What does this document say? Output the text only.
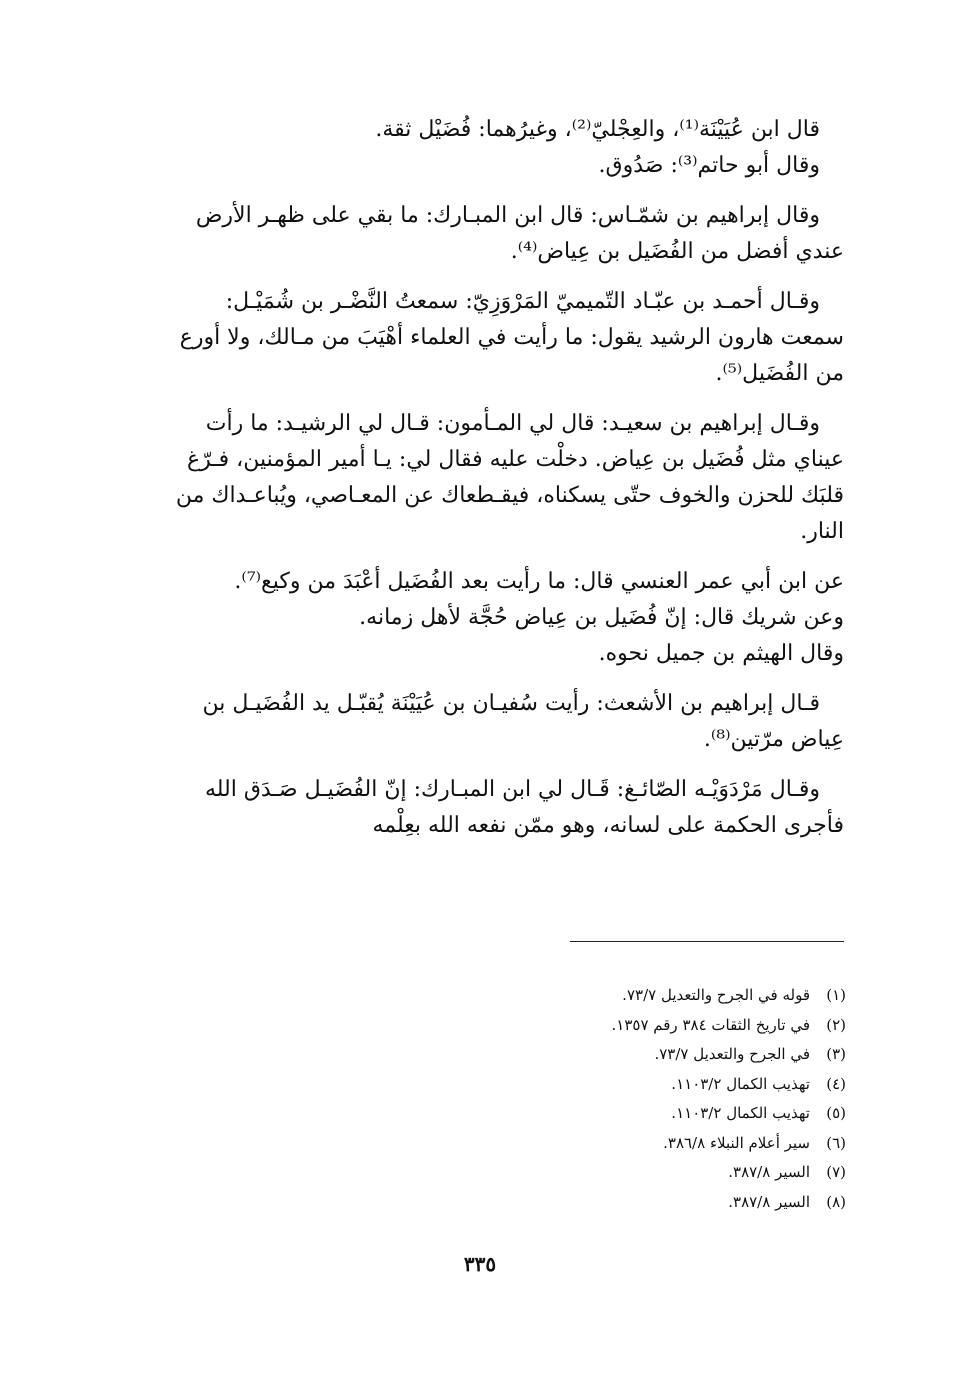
قال ابن عُيَيْنَة⁽¹⁾، والعِجْليّ⁽²⁾، وغيرُهما: فُضَيْل ثقة.
وقال أبو حاتم⁽³⁾: صَدُوق.

وقال إبراهيم بن شمّـاس: قال ابن المبـارك: ما بقي على ظهـر الأرض
عندي أفضل من الفُضَيل بن عِياض⁽⁴⁾.

وقـال أحمـد بن عبّـاد التّميميّ المَرْوَزِيّ: سمعتُ النَّضْـر بن شُمَيْـل:
سمعت هارون الرشيد يقول: ما رأيت في العلماء أهْيَبَ من مـالك، ولا أورع
من الفُضَيل⁽⁵⁾.

وقـال إبراهيم بن سعيـد: قال لي المـأمون: قـال لي الرشيـد: ما رأت
عيناي مثل فُضَيل بن عِياض. دخلْت عليه فقال لي: يـا أمير المؤمنين، فـرّغ
قلبَك للحزن والخوف حتّى يسكناه، فيقـطعاك عن المعـاصي، ويُباعـداك من
النار.

عن ابن أبي عمر العنسي قال: ما رأيت بعد الفُضَيل أعْبَدَ من وكيع⁽⁷⁾.
وعن شريك قال: إنّ فُضَيل بن عِياض حُجَّة لأهل زمانه.
وقال الهيثم بن جميل نحوه.

قـال إبراهيم بن الأشعث: رأيت سُفيـان بن عُيَيْنَة يُقبّـل يد الفُضَيـل بن
عِياض مرّتين⁽⁸⁾.

وقـال مَرْدَوَيْـه الصّائـغ: قَـال لي ابن المبـارك: إنّ الفُضَيـل صَـدَق الله
فأجرى الحكمة على لسانه، وهو ممّن نفعه الله بعِلْمه

(١)
قوله في الجرح والتعديل ٧٣/٧.
(٢)
في تاريخ الثقات ٣٨٤ رقم ١٣٥٧.
(٣)
في الجرح والتعديل ٧٣/٧.
(٤)
تهذيب الكمال ١١٠٣/٢.
(٥)
تهذيب الكمال ١١٠٣/٢.
(٦)
سير أعلام النبلاء ٣٨٦/٨.
(٧)
السير ٣٨٧/٨.
(٨)
السير ٣٨٧/٨.
٣٣٥
